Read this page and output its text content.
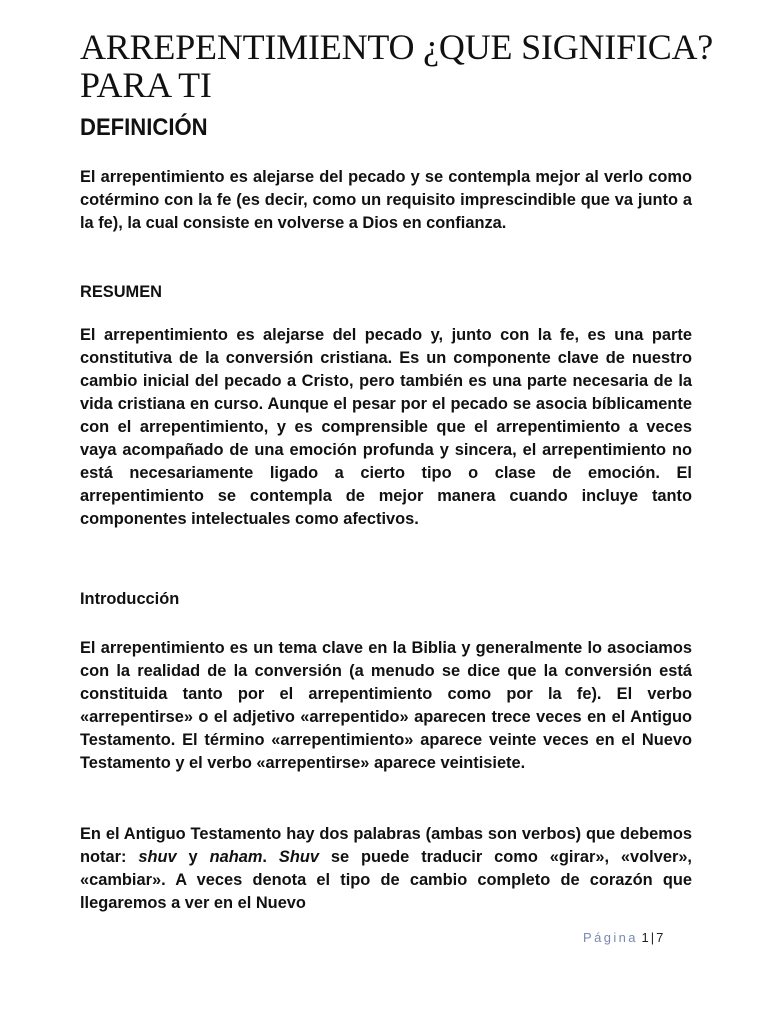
ARREPENTIMIENTO ¿QUE SIGNIFICA? PARA TI
DEFINICIÓN

El arrepentimiento es alejarse del pecado y se contempla mejor al verlo como cotérmino con la fe (es decir, como un requisito imprescindible que va junto a la fe), la cual consiste en volverse a Dios en confianza.

RESUMEN

El arrepentimiento es alejarse del pecado y, junto con la fe, es una parte constitutiva de la conversión cristiana. Es un componente clave de nuestro cambio inicial del pecado a Cristo, pero también es una parte necesaria de la vida cristiana en curso. Aunque el pesar por el pecado se asocia bíblicamente con el arrepentimiento, y es comprensible que el arrepentimiento a veces vaya acompañado de una emoción profunda y sincera, el arrepentimiento no está necesariamente ligado a cierto tipo o clase de emoción. El arrepentimiento se contempla de mejor manera cuando incluye tanto componentes intelectuales como afectivos.

Introducción

El arrepentimiento es un tema clave en la Biblia y generalmente lo asociamos con la realidad de la conversión (a menudo se dice que la conversión está constituida tanto por el arrepentimiento como por la fe). El verbo «arrepentirse» o el adjetivo «arrepentido» aparecen trece veces en el Antiguo Testamento. El término «arrepentimiento» aparece veinte veces en el Nuevo Testamento y el verbo «arrepentirse» aparece veintisiete.

En el Antiguo Testamento hay dos palabras (ambas son verbos) que debemos notar: shuv y naham. Shuv se puede traducir como «girar», «volver», «cambiar». A veces denota el tipo de cambio completo de corazón que llegaremos a ver en el Nuevo

Página 1 | 7
